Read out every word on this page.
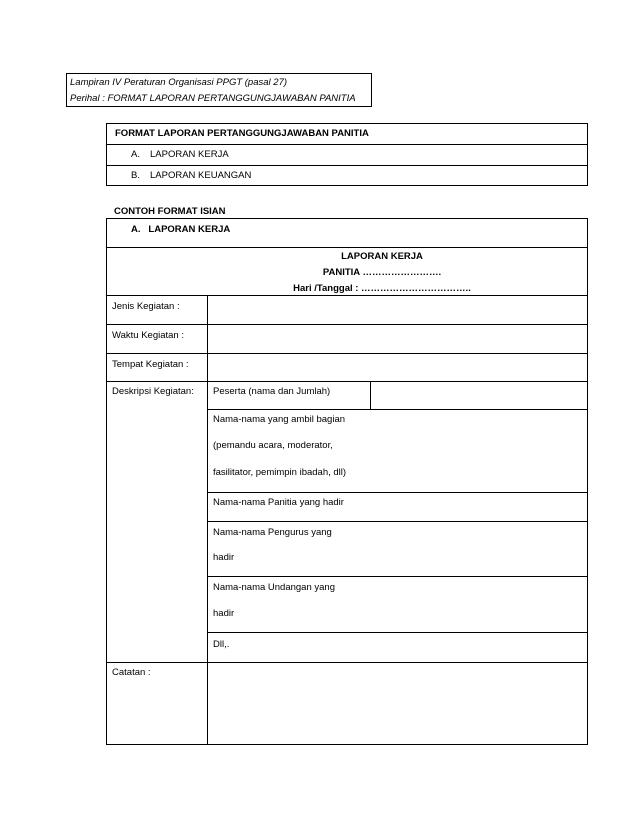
Lampiran IV Peraturan Organisasi PPGT (pasal 27)
Perihal : FORMAT LAPORAN PERTANGGUNGJAWABAN PANITIA
FORMAT LAPORAN PERTANGGUNGJAWABAN PANITIA
A. LAPORAN KERJA
B. LAPORAN KEUANGAN
CONTOH FORMAT ISIAN
A.   LAPORAN KERJA
LAPORAN KERJA
PANITIA …………………….
Hari /Tanggal : ……………………………..
Jenis Kegiatan :
Waktu Kegiatan :
Tempat Kegiatan :
Deskripsi Kegiatan:
Catatan :
Peserta (nama dan Jumlah)
Nama-nama yang ambil bagian
(pemandu acara, moderator,
fasilitator, pemimpin ibadah, dll)
Nama-nama Panitia yang hadir
Nama-nama Pengurus yang
hadir
Nama-nama Undangan yang
hadir
Dll,.
